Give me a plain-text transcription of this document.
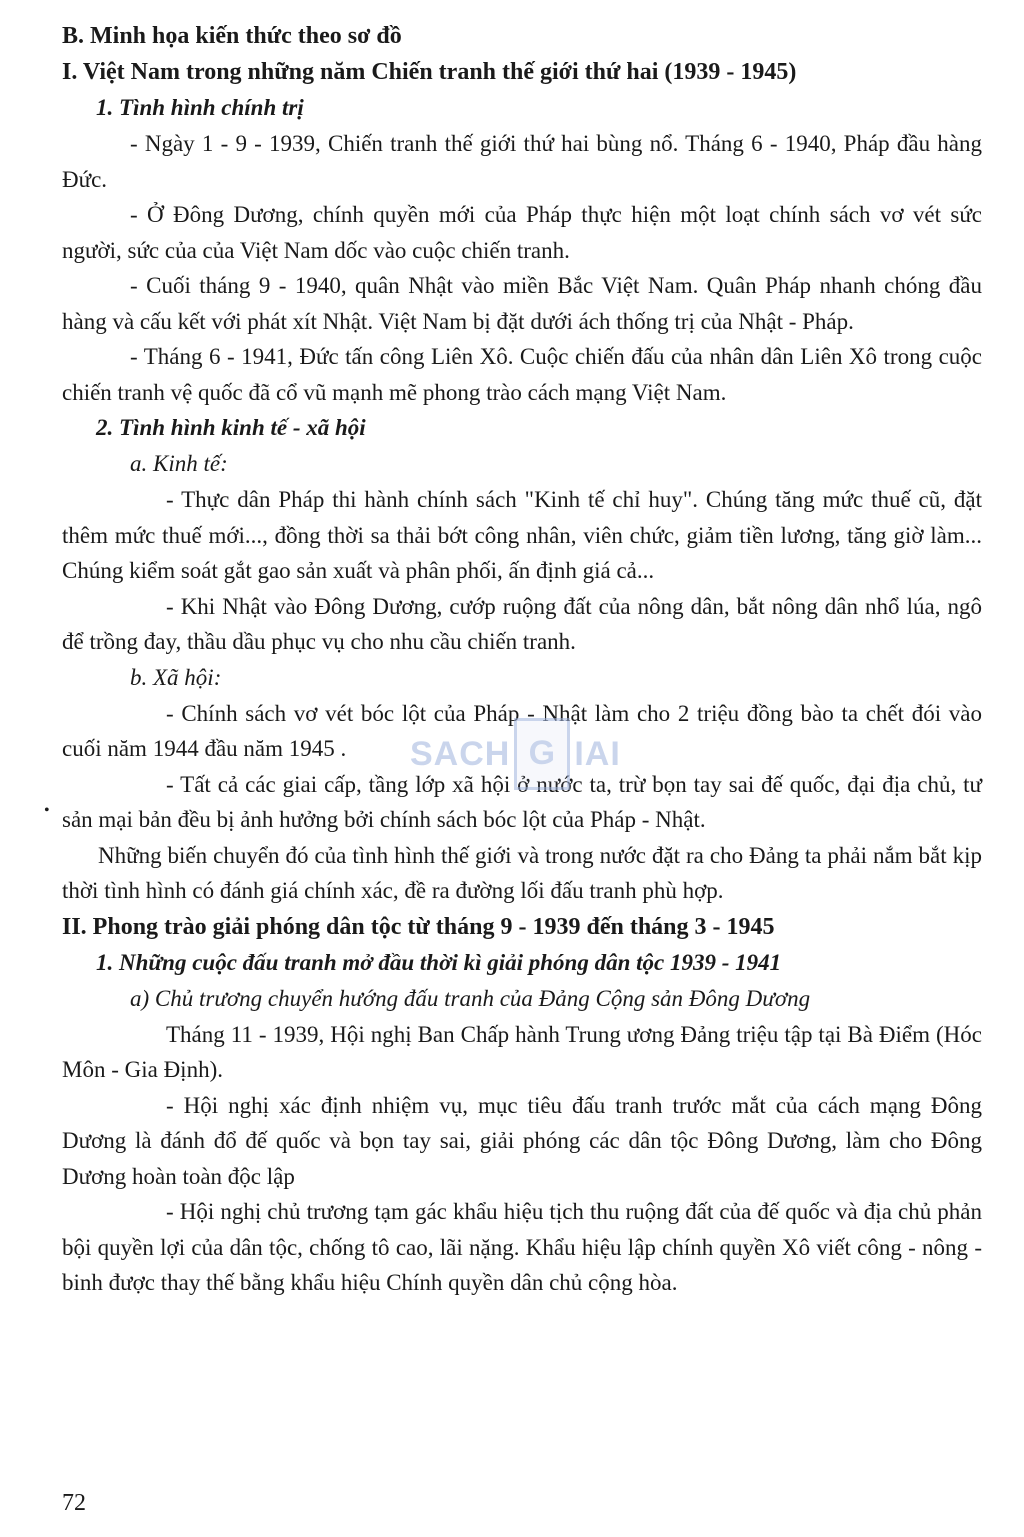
B. Minh họa kiến thức theo sơ đồ

I. Việt Nam trong những năm Chiến tranh thế giới thứ hai (1939 - 1945)

1. Tình hình chính trị

- Ngày 1 - 9 - 1939, Chiến tranh thế giới thứ hai bùng nổ. Tháng 6 - 1940, Pháp đầu hàng Đức.

- Ở Đông Dương, chính quyền mới của Pháp thực hiện một loạt chính sách vơ vét sức người, sức của của Việt Nam dốc vào cuộc chiến tranh.

- Cuối tháng 9 - 1940, quân Nhật vào miền Bắc Việt Nam. Quân Pháp nhanh chóng đầu hàng và cấu kết với phát xít Nhật. Việt Nam bị đặt dưới ách thống trị của Nhật - Pháp.

- Tháng 6 - 1941, Đức tấn công Liên Xô. Cuộc chiến đấu của nhân dân Liên Xô trong cuộc chiến tranh vệ quốc đã cổ vũ mạnh mẽ phong trào cách mạng Việt Nam.

2. Tình hình kinh tế - xã hội

a. Kinh tế:

- Thực dân Pháp thi hành chính sách "Kinh tế chỉ huy". Chúng tăng mức thuế cũ, đặt thêm mức thuế mới..., đồng thời sa thải bớt công nhân, viên chức, giảm tiền lương, tăng giờ làm... Chúng kiểm soát gắt gao sản xuất và phân phối, ấn định giá cả...

- Khi Nhật vào Đông Dương, cướp ruộng đất của nông dân, bắt nông dân nhổ lúa, ngô để trồng đay, thầu dầu phục vụ cho nhu cầu chiến tranh.

b. Xã hội:

- Chính sách vơ vét bóc lột của Pháp - Nhật làm cho 2 triệu đồng bào ta chết đói vào cuối năm 1944 đầu năm 1945 .

- Tất cả các giai cấp, tầng lớp xã hội ở nước ta, trừ bọn tay sai đế quốc, đại địa chủ, tư sản mại bản đều bị ảnh hưởng bởi chính sách bóc lột của Pháp - Nhật.

Những biến chuyển đó của tình hình thế giới và trong nước đặt ra cho Đảng ta phải nắm bắt kịp thời tình hình có đánh giá chính xác, đề ra đường lối đấu tranh phù hợp.

II. Phong trào giải phóng dân tộc từ tháng 9 - 1939 đến tháng 3 - 1945

1. Những cuộc đấu tranh mở đầu thời kì giải phóng dân tộc 1939 - 1941

a) Chủ trương chuyển hướng đấu tranh của Đảng Cộng sản Đông Dương

Tháng 11 - 1939, Hội nghị Ban Chấp hành Trung ương Đảng triệu tập tại Bà Điểm (Hóc Môn - Gia Định).

- Hội nghị xác định nhiệm vụ, mục tiêu đấu tranh trước mắt của cách mạng Đông Dương là đánh đổ đế quốc và bọn tay sai, giải phóng các dân tộc Đông Dương, làm cho Đông Dương hoàn toàn độc lập

- Hội nghị chủ trương tạm gác khẩu hiệu tịch thu ruộng đất của đế quốc và địa chủ phản bội quyền lợi của dân tộc, chống tô cao, lãi nặng. Khẩu hiệu lập chính quyền Xô viết công - nông - binh được thay thế bằng khẩu hiệu Chính quyền dân chủ cộng hòa.

•
SACH G IAI
72
